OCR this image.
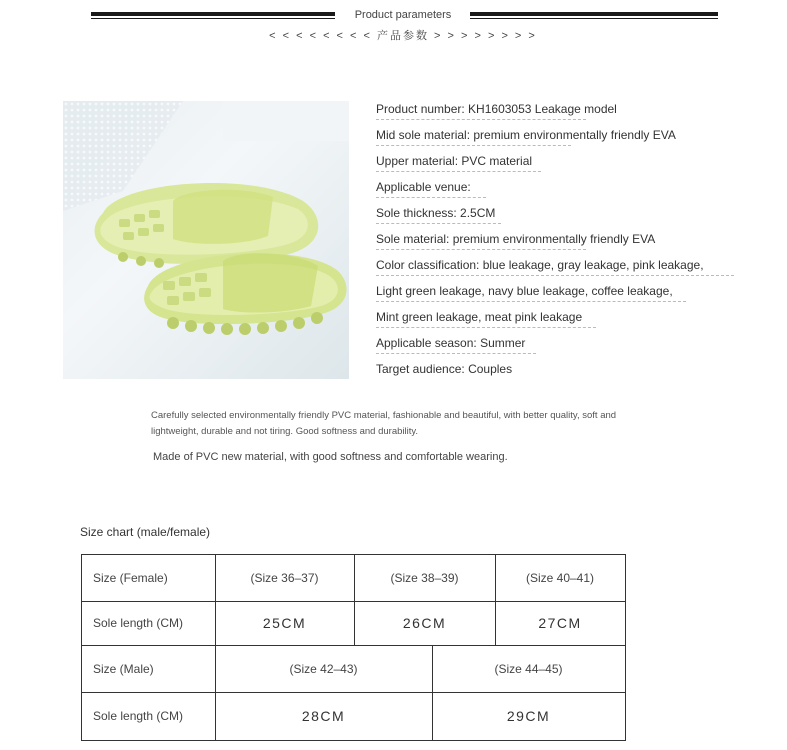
Product parameters
< < < < < < < < 产品参数 > > > > > > > >
Product number: KH1603053 Leakage model
Mid sole material: premium environmentally friendly EVA
Upper material: PVC material
Applicable venue:
Sole thickness: 2.5CM
Sole material: premium environmentally friendly EVA
Color classification: blue leakage, gray leakage, pink leakage,
Light green leakage, navy blue leakage, coffee leakage,
Mint green leakage, meat pink leakage
Applicable season: Summer
Target audience: Couples
Carefully selected environmentally friendly PVC material, fashionable and beautiful, with better quality, soft and lightweight, durable and not tiring. Good softness and durability.
Made of PVC new material, with good softness and comfortable wearing.
Size chart (male/female)
Size (Female)	(Size 36–37)	(Size 38–39)	(Size 40–41)
Sole length (CM)	25CM	26CM	27CM
Size (Male)	(Size 42–43)	(Size 44–45)
Sole length (CM)	28CM	29CM
